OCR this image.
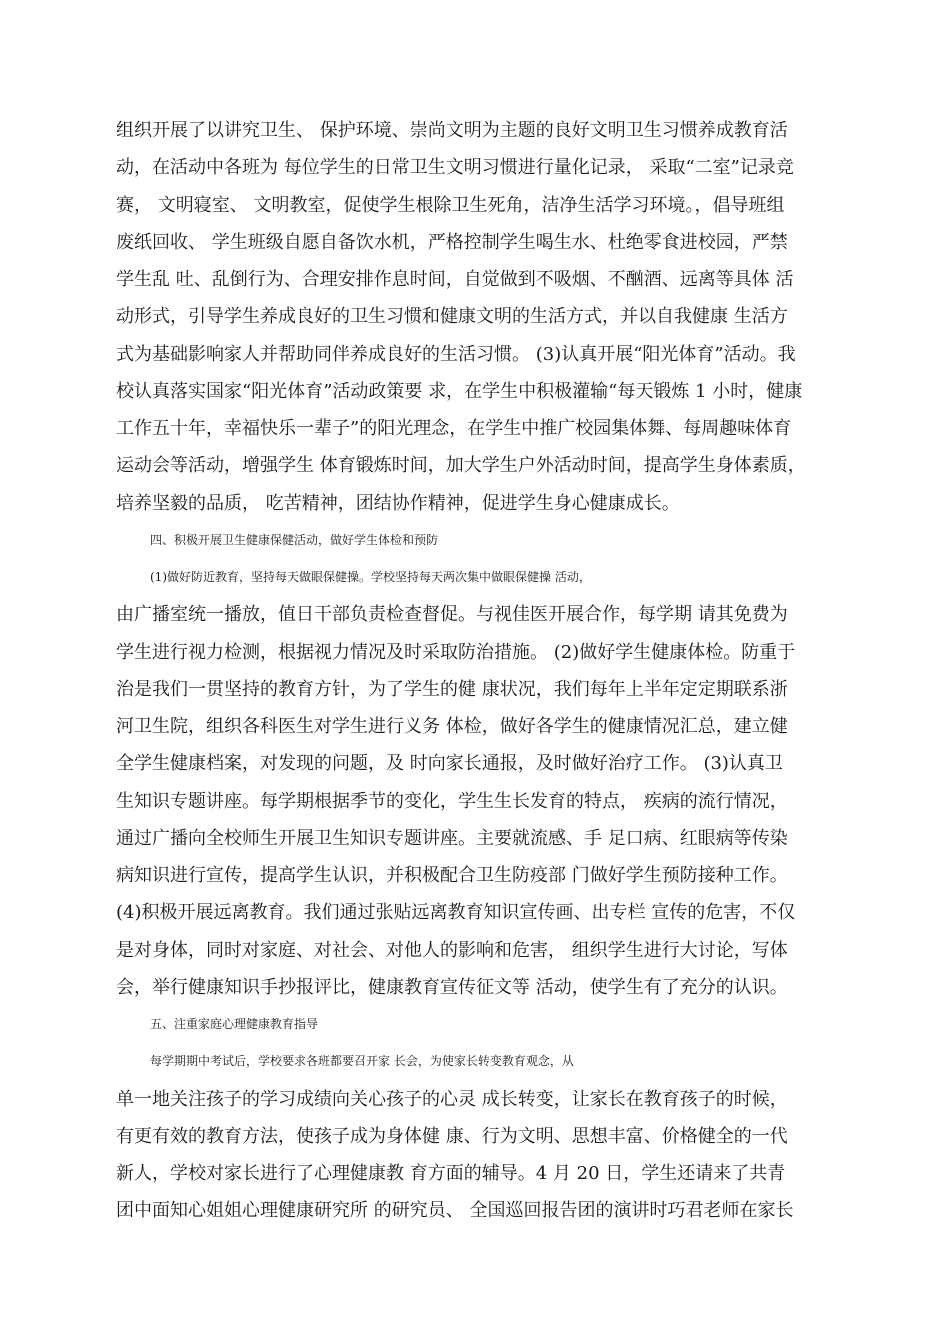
组织开展了以讲究卫生、 保护环境、崇尚文明为主题的良好文明卫生习惯养成教育活
动，在活动中各班为 每位学生的日常卫生文明习惯进行量化记录， 采取“二室”记录竞
赛， 文明寝室、 文明教室，促使学生根除卫生死角，洁净生活学习环境。，倡导班组
废纸回收、 学生班级自愿自备饮水机，严格控制学生喝生水、杜绝零食进校园，严禁
学生乱 吐、乱倒行为、合理安排作息时间，自觉做到不吸烟、不酗酒、远离等具体 活
动形式，引导学生养成良好的卫生习惯和健康文明的生活方式，并以自我健康 生活方
式为基础影响家人并帮助同伴养成良好的生活习惯。 (3)认真开展“阳光体育”活动。我
校认真落实国家“阳光体育”活动政策要 求，在学生中积极灌输“每天锻炼 1 小时，健康
工作五十年，幸福快乐一辈子”的阳光理念，在学生中推广校园集体舞、每周趣味体育
运动会等活动，增强学生 体育锻炼时间，加大学生户外活动时间，提高学生身体素质，
培养坚毅的品质， 吃苦精神，团结协作精神，促进学生身心健康成长。
四、积极开展卫生健康保健活动，做好学生体检和预防
(1)做好防近教育，坚持每天做眼保健操。学校坚持每天两次集中做眼保健操 活动，
由广播室统一播放，值日干部负责检查督促。与视佳医开展合作，每学期 请其免费为
学生进行视力检测，根据视力情况及时采取防治措施。 (2)做好学生健康体检。防重于
治是我们一贯坚持的教育方针，为了学生的健 康状况，我们每年上半年定定期联系浙
河卫生院，组织各科医生对学生进行义务 体检，做好各学生的健康情况汇总，建立健
全学生健康档案，对发现的问题，及 时向家长通报，及时做好治疗工作。 (3)认真卫
生知识专题讲座。每学期根据季节的变化，学生生长发育的特点， 疾病的流行情况，
通过广播向全校师生开展卫生知识专题讲座。主要就流感、手 足口病、红眼病等传染
病知识进行宣传，提高学生认识，并积极配合卫生防疫部 门做好学生预防接种工作。
(4)积极开展远离教育。我们通过张贴远离教育知识宣传画、出专栏 宣传的危害，不仅
是对身体，同时对家庭、对社会、对他人的影响和危害， 组织学生进行大讨论，写体
会，举行健康知识手抄报评比，健康教育宣传征文等 活动，使学生有了充分的认识。
五、注重家庭心理健康教育指导
每学期期中考试后，学校要求各班都要召开家 长会，为使家长转变教育观念，从
单一地关注孩子的学习成绩向关心孩子的心灵 成长转变，让家长在教育孩子的时候，
有更有效的教育方法，使孩子成为身体健 康、行为文明、思想丰富、价格健全的一代
新人，学校对家长进行了心理健康教 育方面的辅导。4 月 20 日，学生还请来了共青
团中面知心姐姐心理健康研究所 的研究员、 全国巡回报告团的演讲时巧君老师在家长
